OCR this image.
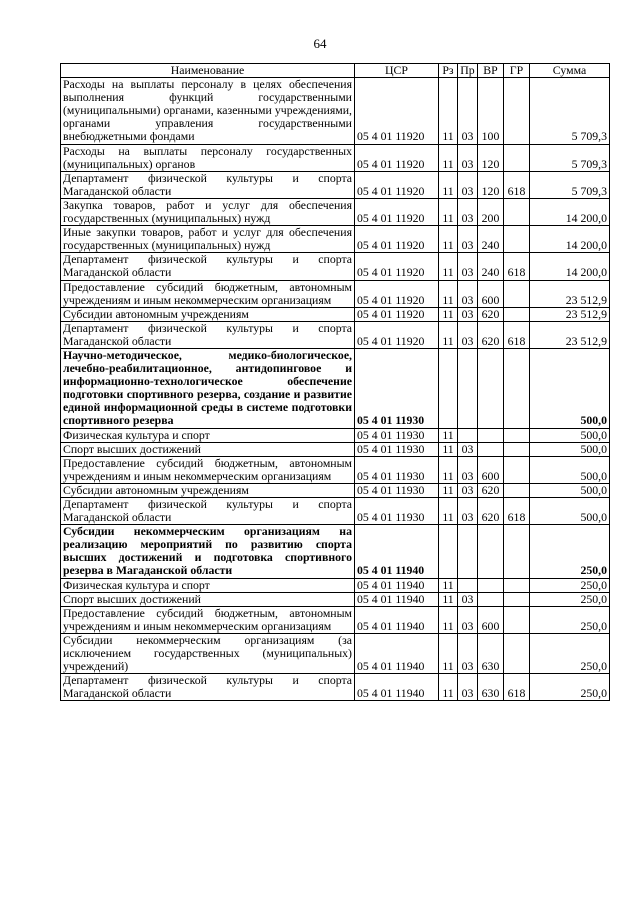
64
Наименование	ЦСР	Рз	Пр	ВР	ГР	Сумма
Расходы на выплаты персоналу в целях обеспечения выполнения функций государственными (муниципальными) органами, казенными учреждениями, органами управления государственными внебюджетными фондами	05 4 01 11920	11	03	100		5 709,3
Расходы на выплаты персоналу государственных (муниципальных) органов	05 4 01 11920	11	03	120		5 709,3
Департамент физической культуры и спорта Магаданской области	05 4 01 11920	11	03	120	618	5 709,3
Закупка товаров, работ и услуг для обеспечения государственных (муниципальных) нужд	05 4 01 11920	11	03	200		14 200,0
Иные закупки товаров, работ и услуг для обеспечения государственных (муниципальных) нужд	05 4 01 11920	11	03	240		14 200,0
Департамент физической культуры и спорта Магаданской области	05 4 01 11920	11	03	240	618	14 200,0
Предоставление субсидий бюджетным, автономным учреждениям и иным некоммерческим организациям	05 4 01 11920	11	03	600		23 512,9
Субсидии автономным учреждениям	05 4 01 11920	11	03	620		23 512,9
Департамент физической культуры и спорта Магаданской области	05 4 01 11920	11	03	620	618	23 512,9
Научно-методическое, медико-биологическое, лечебно-реабилитационное, антидопинговое и информационно-технологическое обеспечение подготовки спортивного резерва, создание и развитие единой информационной среды в системе подготовки спортивного резерва	05 4 01 11930					500,0
Физическая культура и спорт	05 4 01 11930	11				500,0
Спорт высших достижений	05 4 01 11930	11	03			500,0
Предоставление субсидий бюджетным, автономным учреждениям и иным некоммерческим организациям	05 4 01 11930	11	03	600		500,0
Субсидии автономным учреждениям	05 4 01 11930	11	03	620		500,0
Департамент физической культуры и спорта Магаданской области	05 4 01 11930	11	03	620	618	500,0
Субсидии некоммерческим организациям на реализацию мероприятий по развитию спорта высших достижений и подготовка спортивного резерва в Магаданской области	05 4 01 11940					250,0
Физическая культура и спорт	05 4 01 11940	11				250,0
Спорт высших достижений	05 4 01 11940	11	03			250,0
Предоставление субсидий бюджетным, автономным учреждениям и иным некоммерческим организациям	05 4 01 11940	11	03	600		250,0
Субсидии некоммерческим организациям (за исключением государственных (муниципальных) учреждений)	05 4 01 11940	11	03	630		250,0
Департамент физической культуры и спорта Магаданской области	05 4 01 11940	11	03	630	618	250,0
